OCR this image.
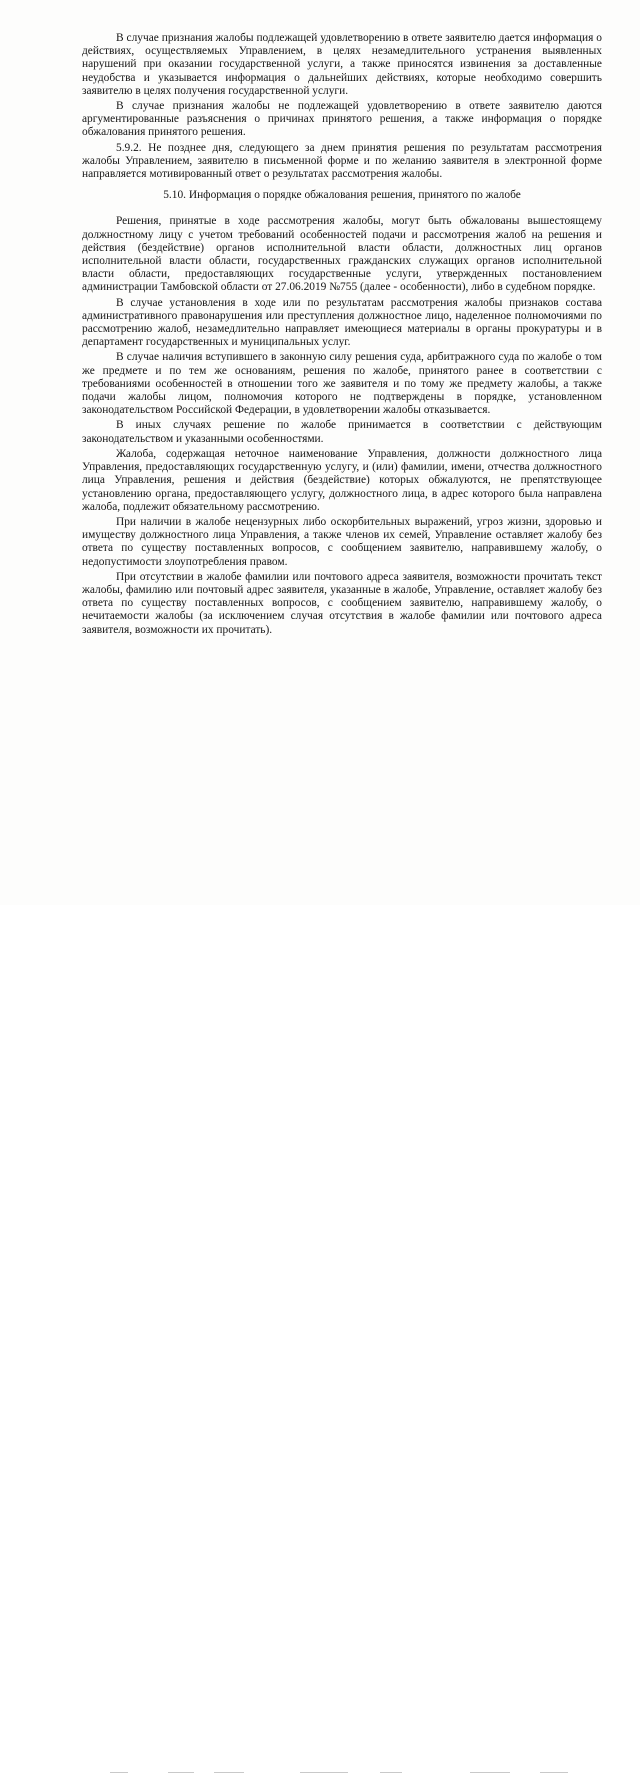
В случае признания жалобы подлежащей удовлетворению в ответе заявителю дается информация о действиях, осуществляемых Управлением, в целях незамедлительного устранения выявленных нарушений при оказании государственной услуги, а также приносятся извинения за доставленные неудобства и указывается информация о дальнейших действиях, которые необходимо совершить заявителю в целях получения государственной услуги.

В случае признания жалобы не подлежащей удовлетворению в ответе заявителю даются аргументированные разъяснения о причинах принятого решения, а также информация о порядке обжалования принятого решения.

5.9.2. Не позднее дня, следующего за днем принятия решения по результатам рассмотрения жалобы Управлением, заявителю в письменной форме и по желанию заявителя в электронной форме направляется мотивированный ответ о результатах рассмотрения жалобы.

5.10. Информация о порядке обжалования решения, принятого по жалобе

Решения, принятые в ходе рассмотрения жалобы, могут быть обжалованы вышестоящему должностному лицу с учетом требований особенностей подачи и рассмотрения жалоб на решения и действия (бездействие) органов исполнительной власти области, должностных лиц органов исполнительной власти области, государственных гражданских служащих органов исполнительной власти области, предоставляющих государственные услуги, утвержденных постановлением администрации Тамбовской области от 27.06.2019 №755 (далее - особенности), либо в судебном порядке.

В случае установления в ходе или по результатам рассмотрения жалобы признаков состава административного правонарушения или преступления должностное лицо, наделенное полномочиями по рассмотрению жалоб, незамедлительно направляет имеющиеся материалы в органы прокуратуры и в департамент государственных и муниципальных услуг.

В случае наличия вступившего в законную силу решения суда, арбитражного суда по жалобе о том же предмете и по тем же основаниям, решения по жалобе, принятого ранее в соответствии с требованиями особенностей в отношении того же заявителя и по тому же предмету жалобы, а также подачи жалобы лицом, полномочия которого не подтверждены в порядке, установленном законодательством Российской Федерации, в удовлетворении жалобы отказывается.

В иных случаях решение по жалобе принимается в соответствии с действующим законодательством и указанными особенностями.

Жалоба, содержащая неточное наименование Управления, должности должностного лица Управления, предоставляющих государственную услугу, и (или) фамилии, имени, отчества должностного лица Управления, решения и действия (бездействие) которых обжалуются, не препятствующее установлению органа, предоставляющего услугу, должностного лица, в адрес которого была направлена жалоба, подлежит обязательному рассмотрению.

При наличии в жалобе нецензурных либо оскорбительных выражений, угроз жизни, здоровью и имуществу должностного лица Управления, а также членов их семей, Управление оставляет жалобу без ответа по существу поставленных вопросов, с сообщением заявителю, направившему жалобу, о недопустимости злоупотребления правом.

При отсутствии в жалобе фамилии или почтового адреса заявителя, возможности прочитать текст жалобы, фамилию или почтовый адрес заявителя, указанные в жалобе, Управление, оставляет жалобу без ответа по существу поставленных вопросов, с сообщением заявителю, направившему жалобу, о нечитаемости жалобы (за исключением случая отсутствия в жалобе фамилии или почтового адреса заявителя, возможности их прочитать).
